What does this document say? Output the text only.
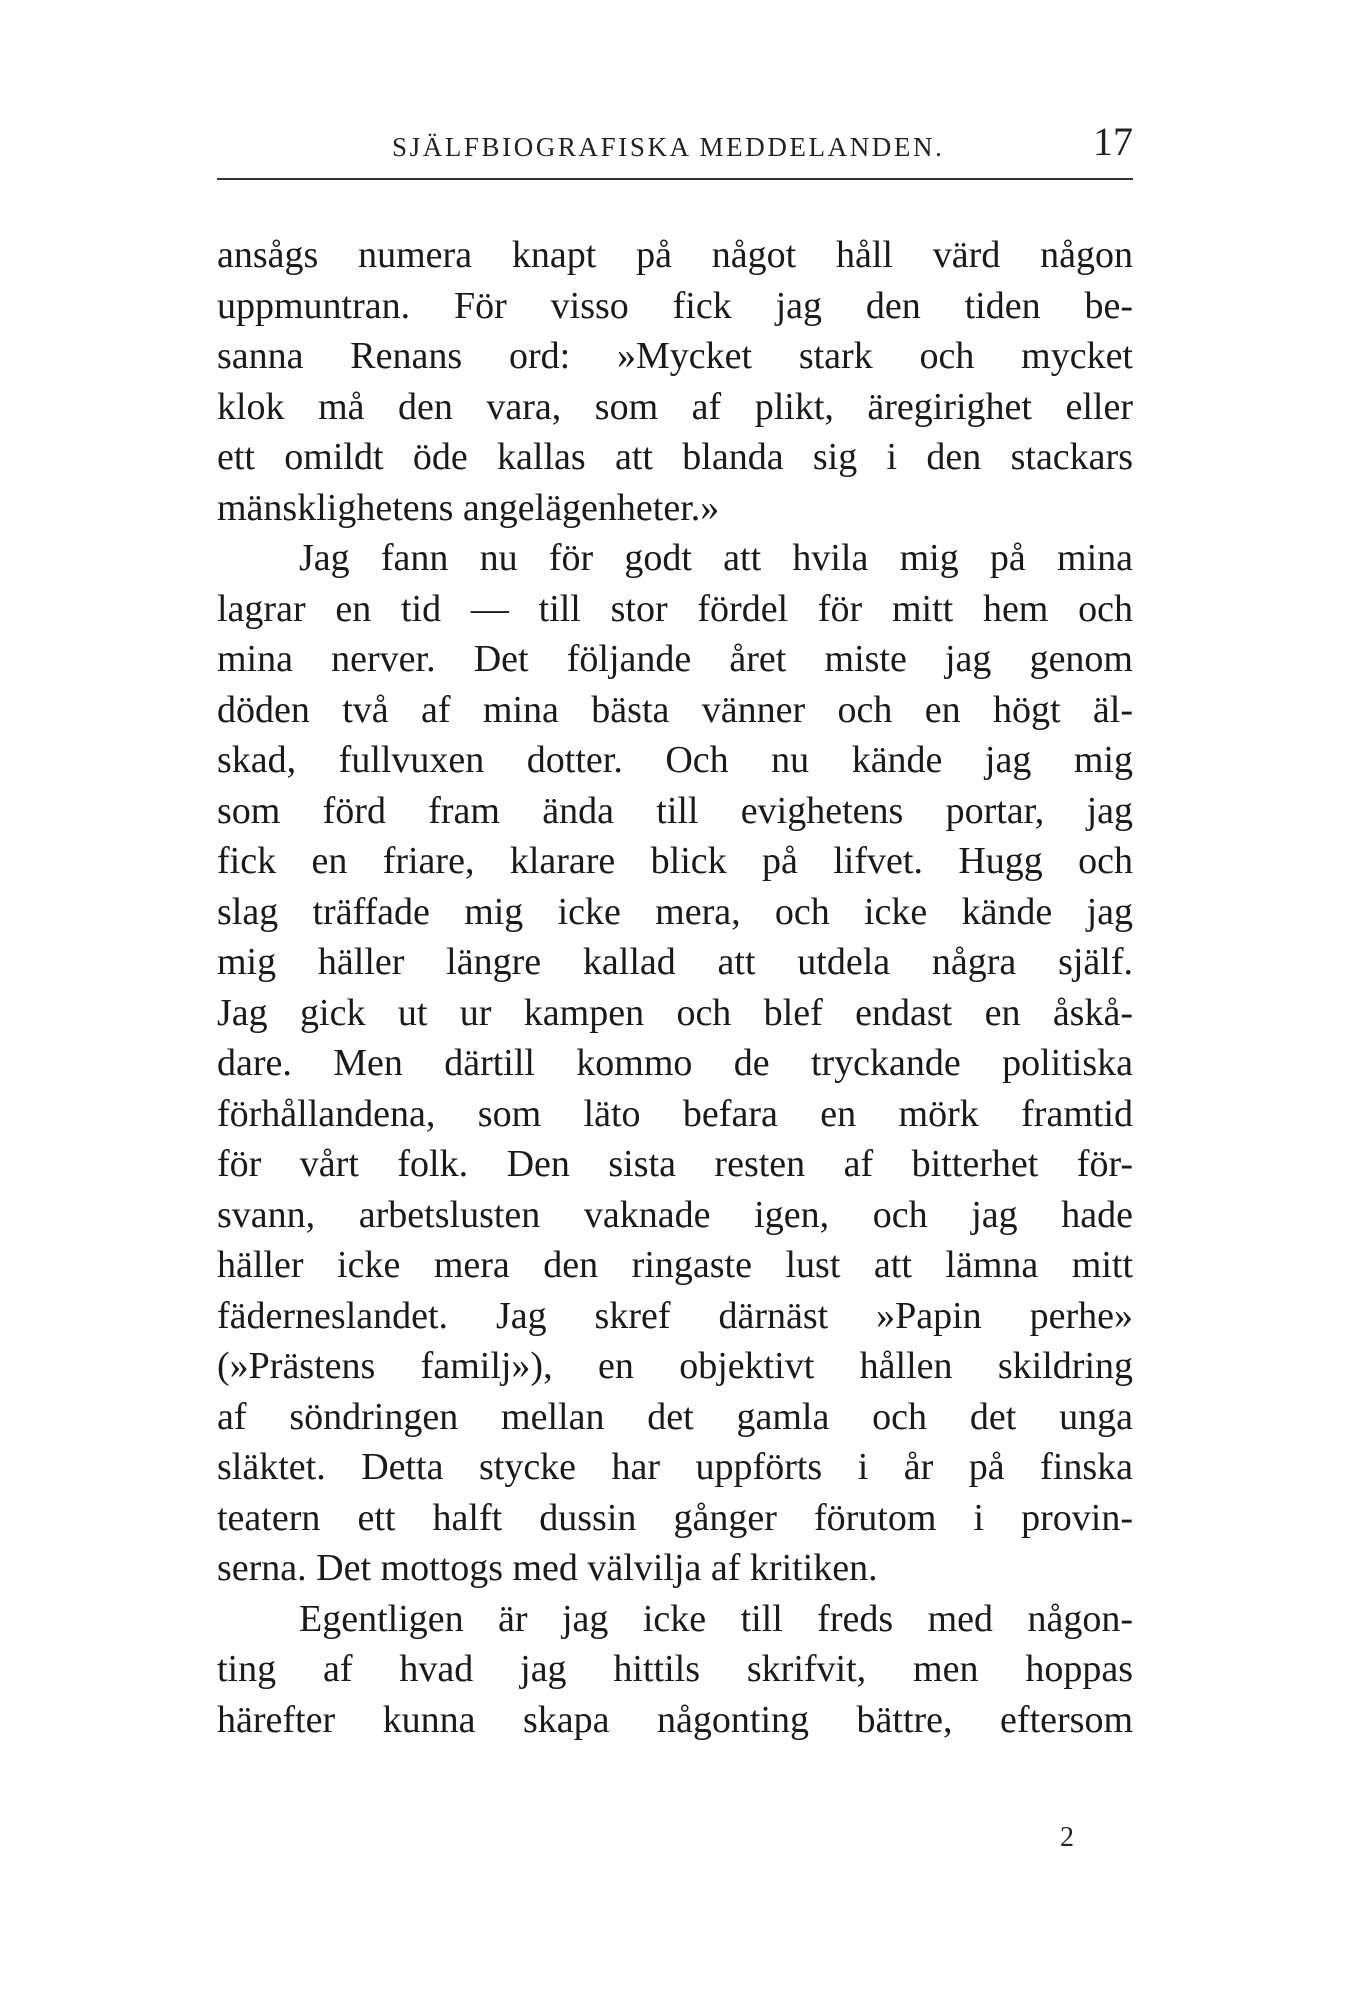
SJÄLFBIOGRAFISKA MEDDELANDEN.	17
ansågs numera knapt på något håll värd någon
uppmuntran. För visso fick jag den tiden be-
sanna Renans ord: »Mycket stark och mycket
klok må den vara, som af plikt, äregirighet eller
ett omildt öde kallas att blanda sig i den stackars
mänsklighetens angelägenheter.»
Jag fann nu för godt att hvila mig på mina
lagrar en tid — till stor fördel för mitt hem och
mina nerver. Det följande året miste jag genom
döden två af mina bästa vänner och en högt äl-
skad, fullvuxen dotter. Och nu kände jag mig
som förd fram ända till evighetens portar, jag
fick en friare, klarare blick på lifvet. Hugg och
slag träffade mig icke mera, och icke kände jag
mig häller längre kallad att utdela några själf.
Jag gick ut ur kampen och blef endast en åskå-
dare. Men därtill kommo de tryckande politiska
förhållandena, som läto befara en mörk framtid
för vårt folk. Den sista resten af bitterhet för-
svann, arbetslusten vaknade igen, och jag hade
häller icke mera den ringaste lust att lämna mitt
fäderneslandet. Jag skref därnäst »Papin perhe»
(»Prästens familj»), en objektivt hållen skildring
af söndringen mellan det gamla och det unga
släktet. Detta stycke har uppförts i år på finska
teatern ett halft dussin gånger förutom i provin-
serna. Det mottogs med välvilja af kritiken.
Egentligen är jag icke till freds med någon-
ting af hvad jag hittils skrifvit, men hoppas
härefter kunna skapa någonting bättre, eftersom
2
